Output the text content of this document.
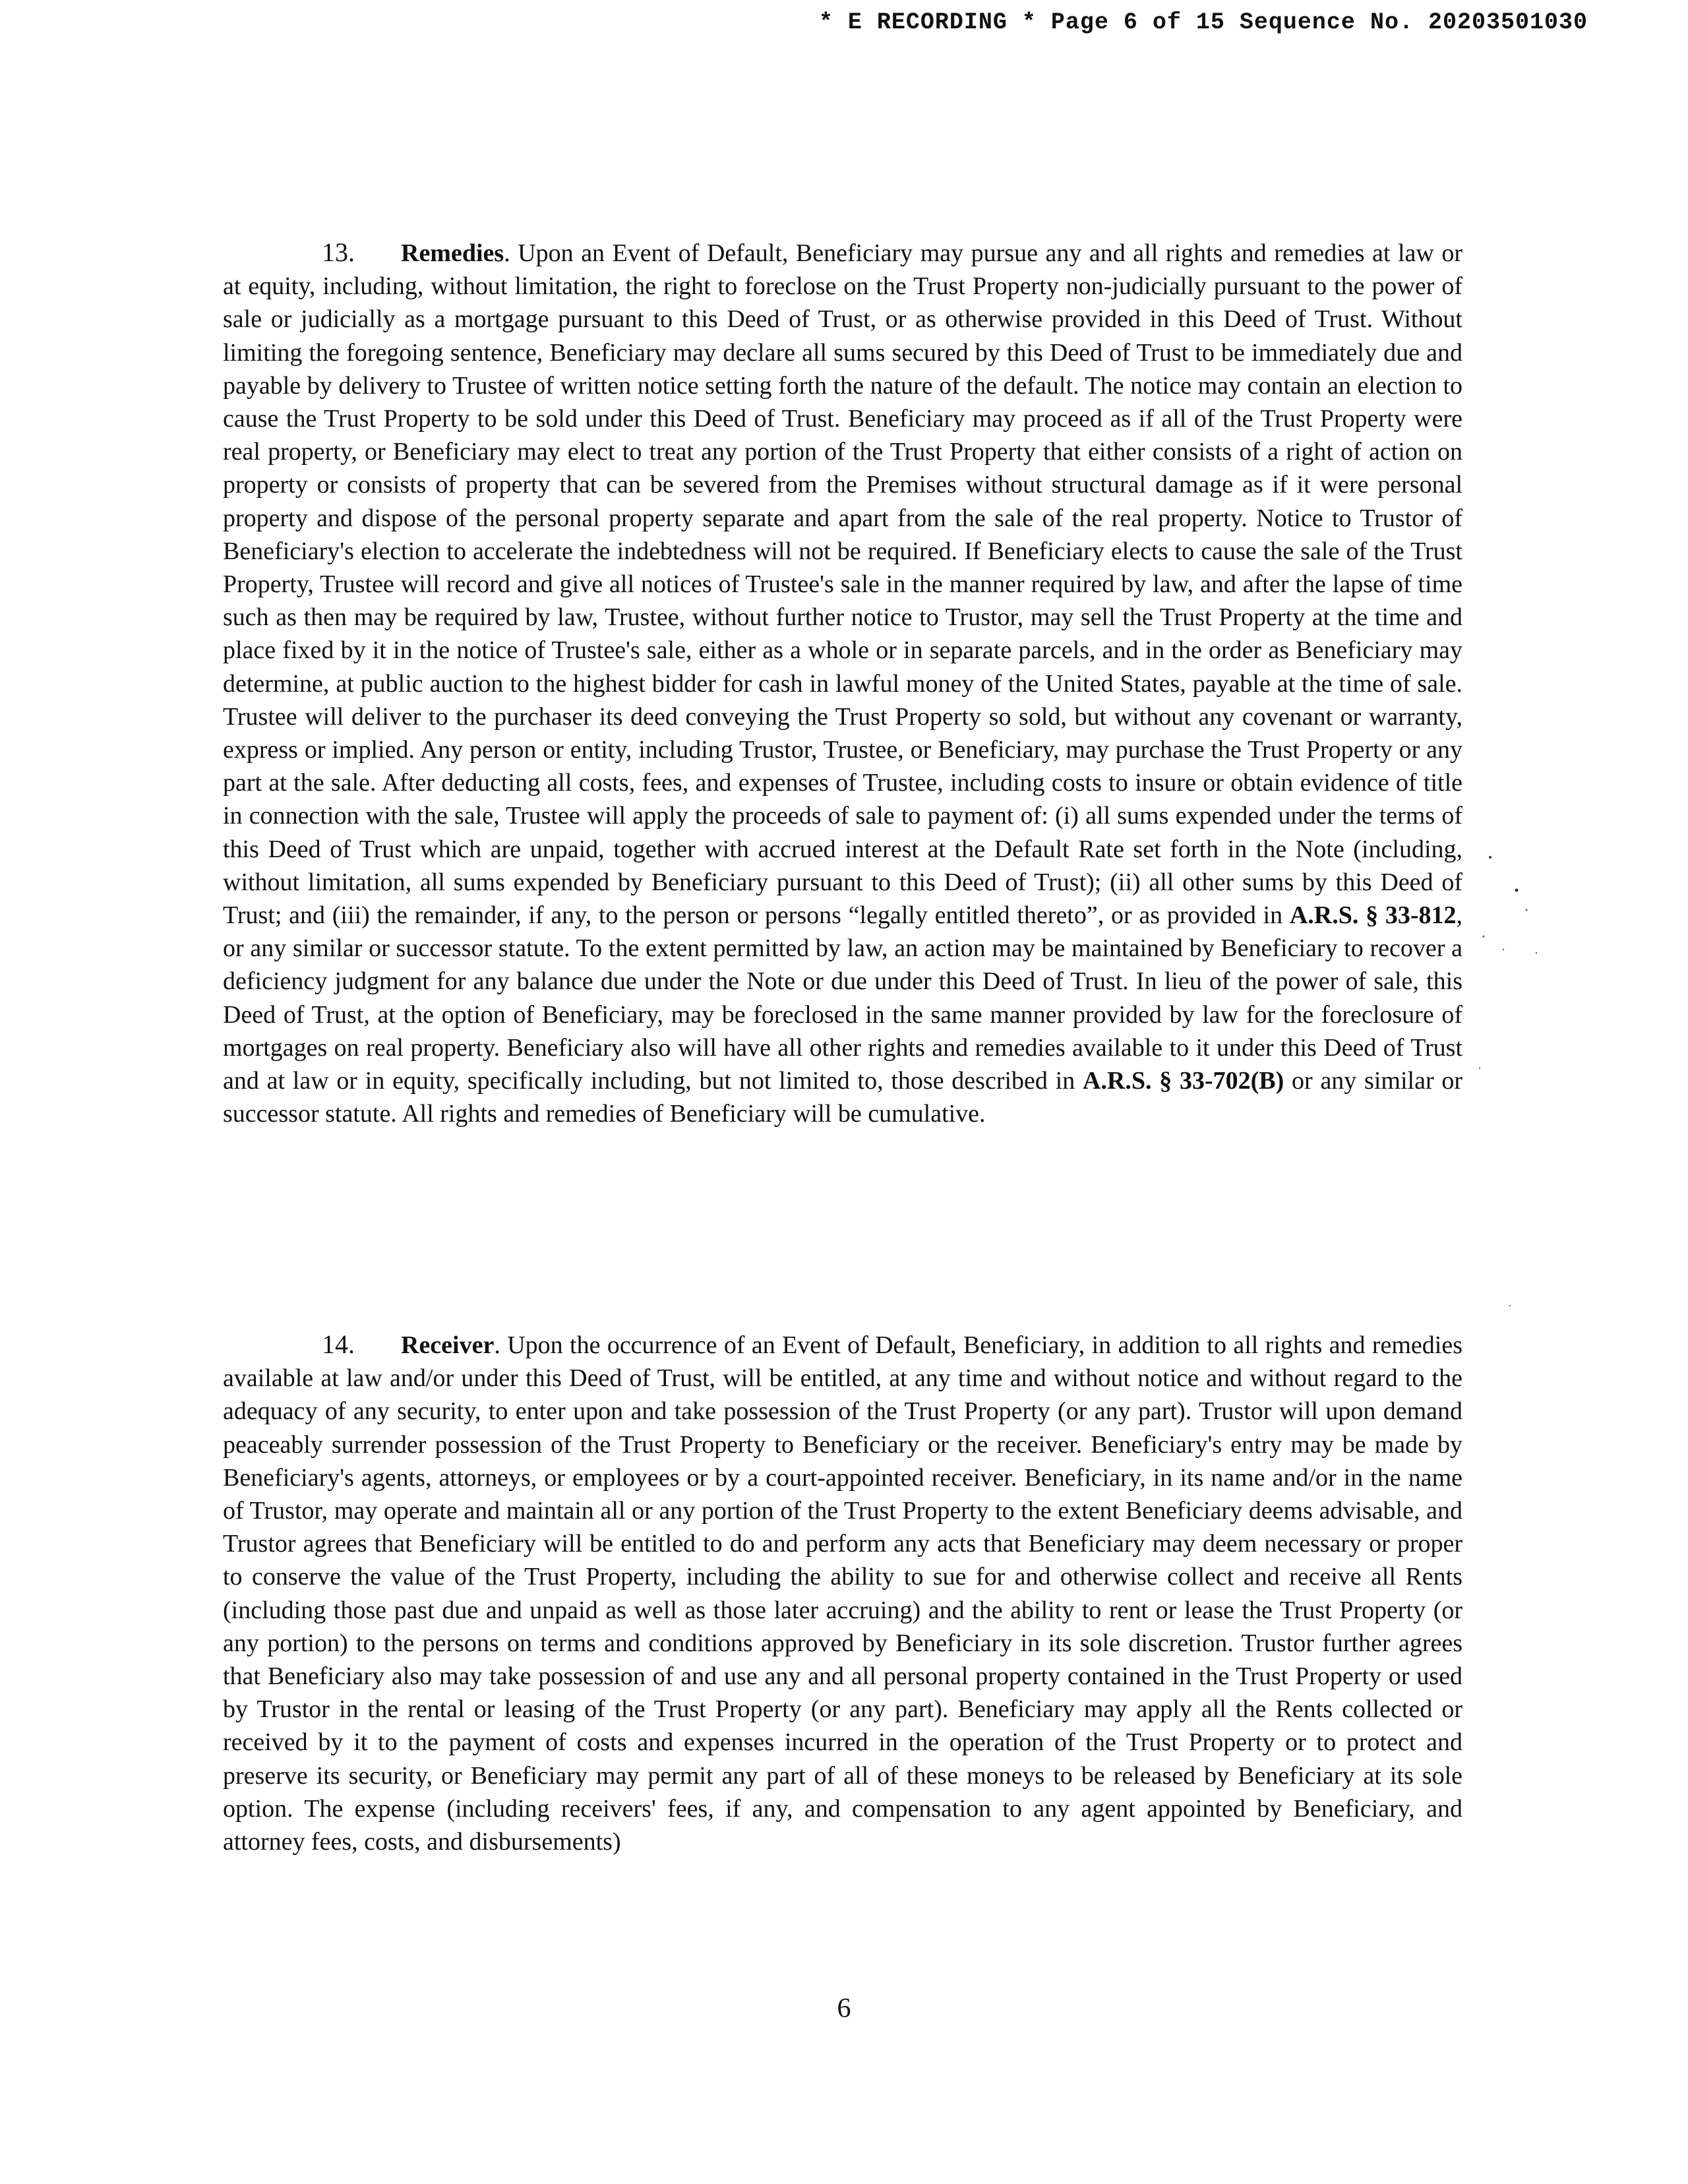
* E RECORDING * Page 6 of 15 Sequence No. 20203501030
13. Remedies. Upon an Event of Default, Beneficiary may pursue any and all rights and remedies at law or at equity, including, without limitation, the right to foreclose on the Trust Property non-judicially pursuant to the power of sale or judicially as a mortgage pursuant to this Deed of Trust, or as otherwise provided in this Deed of Trust. Without limiting the foregoing sentence, Beneficiary may declare all sums secured by this Deed of Trust to be immediately due and payable by delivery to Trustee of written notice setting forth the nature of the default. The notice may contain an election to cause the Trust Property to be sold under this Deed of Trust. Beneficiary may proceed as if all of the Trust Property were real property, or Beneficiary may elect to treat any portion of the Trust Property that either consists of a right of action on property or consists of property that can be severed from the Premises without structural damage as if it were personal property and dispose of the personal property separate and apart from the sale of the real property. Notice to Trustor of Beneficiary's election to accelerate the indebtedness will not be required. If Beneficiary elects to cause the sale of the Trust Property, Trustee will record and give all notices of Trustee's sale in the manner required by law, and after the lapse of time such as then may be required by law, Trustee, without further notice to Trustor, may sell the Trust Property at the time and place fixed by it in the notice of Trustee's sale, either as a whole or in separate parcels, and in the order as Beneficiary may determine, at public auction to the highest bidder for cash in lawful money of the United States, payable at the time of sale. Trustee will deliver to the purchaser its deed conveying the Trust Property so sold, but without any covenant or warranty, express or implied. Any person or entity, including Trustor, Trustee, or Beneficiary, may purchase the Trust Property or any part at the sale. After deducting all costs, fees, and expenses of Trustee, including costs to insure or obtain evidence of title in connection with the sale, Trustee will apply the proceeds of sale to payment of: (i) all sums expended under the terms of this Deed of Trust which are unpaid, together with accrued interest at the Default Rate set forth in the Note (including, without limitation, all sums expended by Beneficiary pursuant to this Deed of Trust); (ii) all other sums by this Deed of Trust; and (iii) the remainder, if any, to the person or persons “legally entitled thereto”, or as provided in A.R.S. § 33-812, or any similar or successor statute. To the extent permitted by law, an action may be maintained by Beneficiary to recover a deficiency judgment for any balance due under the Note or due under this Deed of Trust. In lieu of the power of sale, this Deed of Trust, at the option of Beneficiary, may be foreclosed in the same manner provided by law for the foreclosure of mortgages on real property. Beneficiary also will have all other rights and remedies available to it under this Deed of Trust and at law or in equity, specifically including, but not limited to, those described in A.R.S. § 33-702(B) or any similar or successor statute. All rights and remedies of Beneficiary will be cumulative.
14. Receiver. Upon the occurrence of an Event of Default, Beneficiary, in addition to all rights and remedies available at law and/or under this Deed of Trust, will be entitled, at any time and without notice and without regard to the adequacy of any security, to enter upon and take possession of the Trust Property (or any part). Trustor will upon demand peaceably surrender possession of the Trust Property to Beneficiary or the receiver. Beneficiary's entry may be made by Beneficiary's agents, attorneys, or employees or by a court-appointed receiver. Beneficiary, in its name and/or in the name of Trustor, may operate and maintain all or any portion of the Trust Property to the extent Beneficiary deems advisable, and Trustor agrees that Beneficiary will be entitled to do and perform any acts that Beneficiary may deem necessary or proper to conserve the value of the Trust Property, including the ability to sue for and otherwise collect and receive all Rents (including those past due and unpaid as well as those later accruing) and the ability to rent or lease the Trust Property (or any portion) to the persons on terms and conditions approved by Beneficiary in its sole discretion. Trustor further agrees that Beneficiary also may take possession of and use any and all personal property contained in the Trust Property or used by Trustor in the rental or leasing of the Trust Property (or any part). Beneficiary may apply all the Rents collected or received by it to the payment of costs and expenses incurred in the operation of the Trust Property or to protect and preserve its security, or Beneficiary may permit any part of all of these moneys to be released by Beneficiary at its sole option. The expense (including receivers' fees, if any, and compensation to any agent appointed by Beneficiary, and attorney fees, costs, and disbursements)
6
